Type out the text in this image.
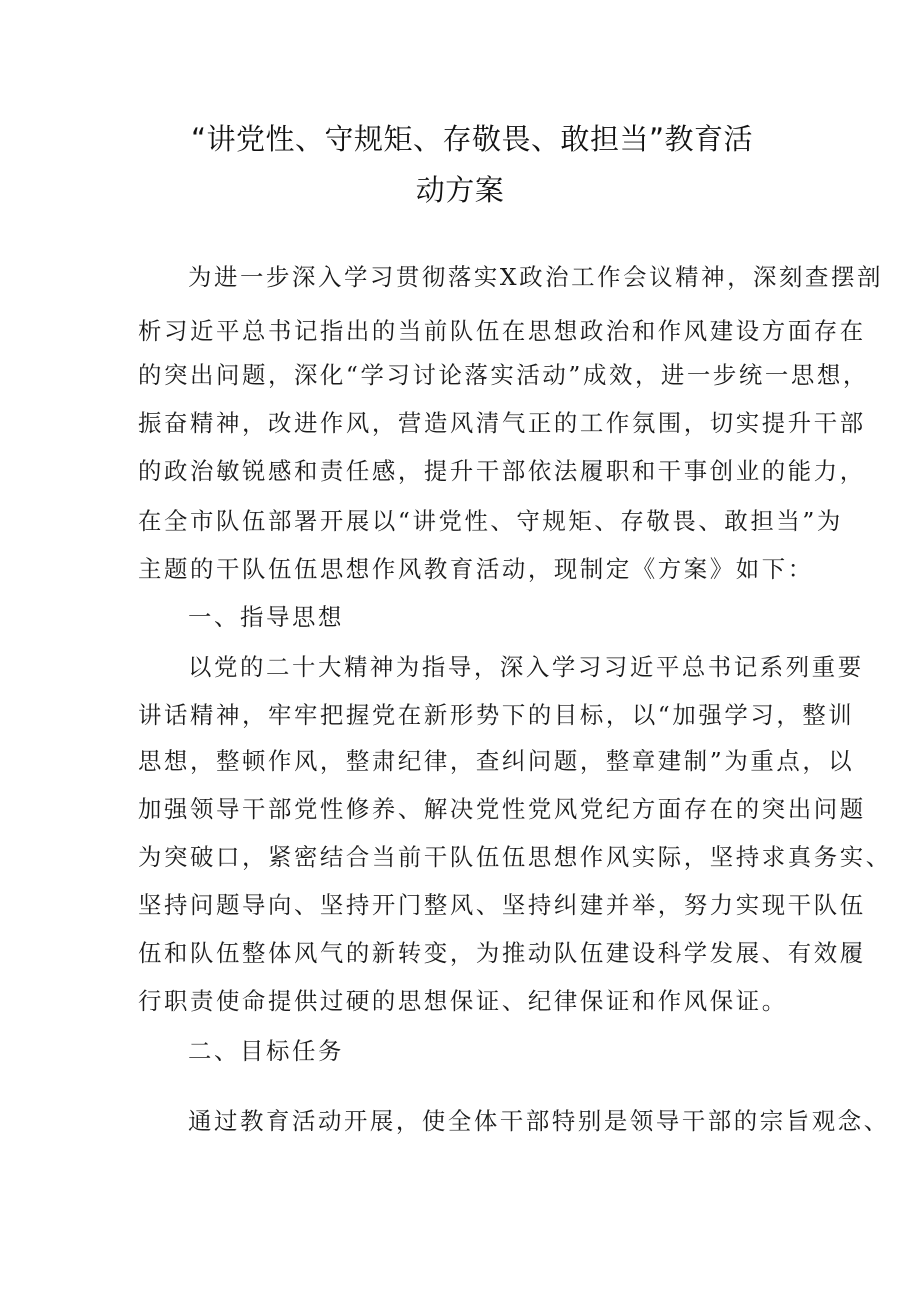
“讲党性、守规矩、存敬畏、敢担当”教育活
动方案
为进一步深入学习贯彻落实X政治工作会议精神，深刻查摆剖
析习近平总书记指出的当前队伍在思想政治和作风建设方面存在
的突出问题，深化“学习讨论落实活动”成效，进一步统一思想，
振奋精神，改进作风，营造风清气正的工作氛围，切实提升干部
的政治敏锐感和责任感，提升干部依法履职和干事创业的能力，
在全市队伍部署开展以“讲党性、守规矩、存敬畏、敢担当”为
主题的干队伍伍思想作风教育活动，现制定《方案》如下：
一、指导思想
以党的二十大精神为指导，深入学习习近平总书记系列重要
讲话精神，牢牢把握党在新形势下的目标，以“加强学习，整训
思想，整顿作风，整肃纪律，查纠问题，整章建制”为重点，以
加强领导干部党性修养、解决党性党风党纪方面存在的突出问题
为突破口，紧密结合当前干队伍伍思想作风实际，坚持求真务实、
坚持问题导向、坚持开门整风、坚持纠建并举，努力实现干队伍
伍和队伍整体风气的新转变，为推动队伍建设科学发展、有效履
行职责使命提供过硬的思想保证、纪律保证和作风保证。
二、目标任务
通过教育活动开展，使全体干部特别是领导干部的宗旨观念、
